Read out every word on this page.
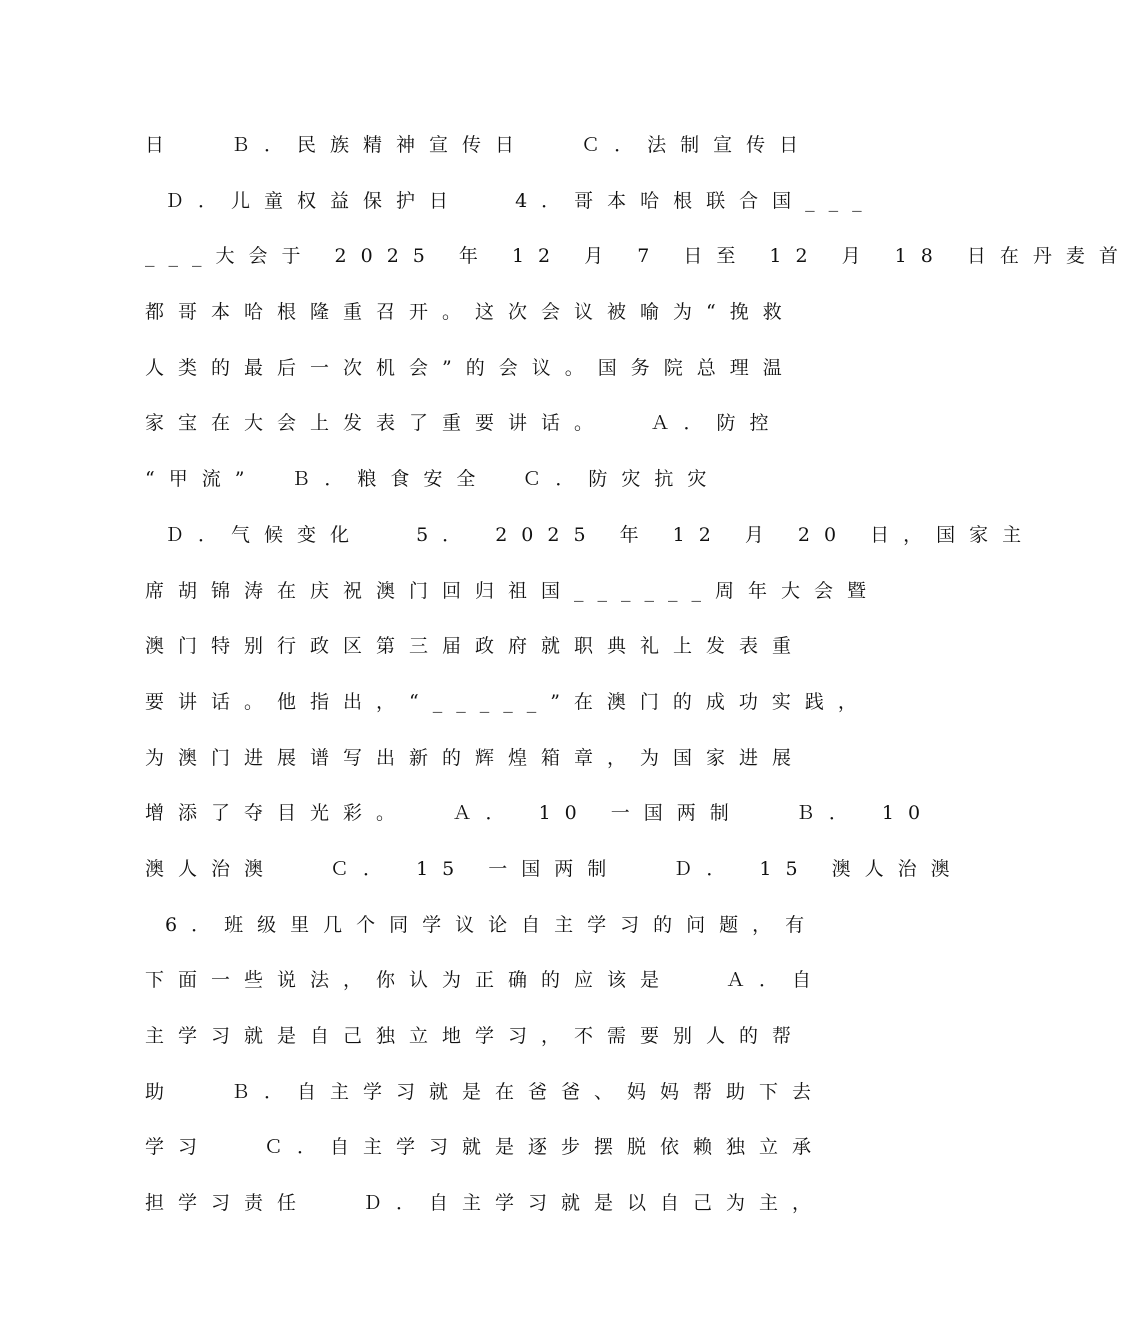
日　 Ｂ．民族精神宣传日　 Ｃ．法制宣传日
Ｄ．儿童权益保护日　 4．哥本哈根联合国___
___大会于 2025 年 12 月 7 日至 12 月 18 日在丹麦首
都哥本哈根隆重召开。这次会议被喻为“挽救
人类的最后一次机会”的会议。国务院总理温
家宝在大会上发表了重要讲话。　 Ａ．防控
“甲流”　Ｂ．粮食安全　Ｃ．防灾抗灾
Ｄ．气候变化　 5． 2025 年 12 月 20 日，国家主
席胡锦涛在庆祝澳门回归祖国______周年大会暨
澳门特别行政区第三届政府就职典礼上发表重
要讲话。他指出，“_____”在澳门的成功实践，
为澳门进展谱写出新的辉煌箱章，为国家进展
增添了夺目光彩。　 Ａ． 10 一国两制　 Ｂ． 10
澳人治澳　 Ｃ． 15 一国两制　 Ｄ． 15 澳人治澳
6．班级里几个同学议论自主学习的问题，有
下面一些说法，你认为正确的应该是　 Ａ．自
主学习就是自己独立地学习，不需要别人的帮
助　 Ｂ．自主学习就是在爸爸、妈妈帮助下去
学习　 Ｃ．自主学习就是逐步摆脱依赖独立承
担学习责任　 Ｄ．自主学习就是以自己为主，
